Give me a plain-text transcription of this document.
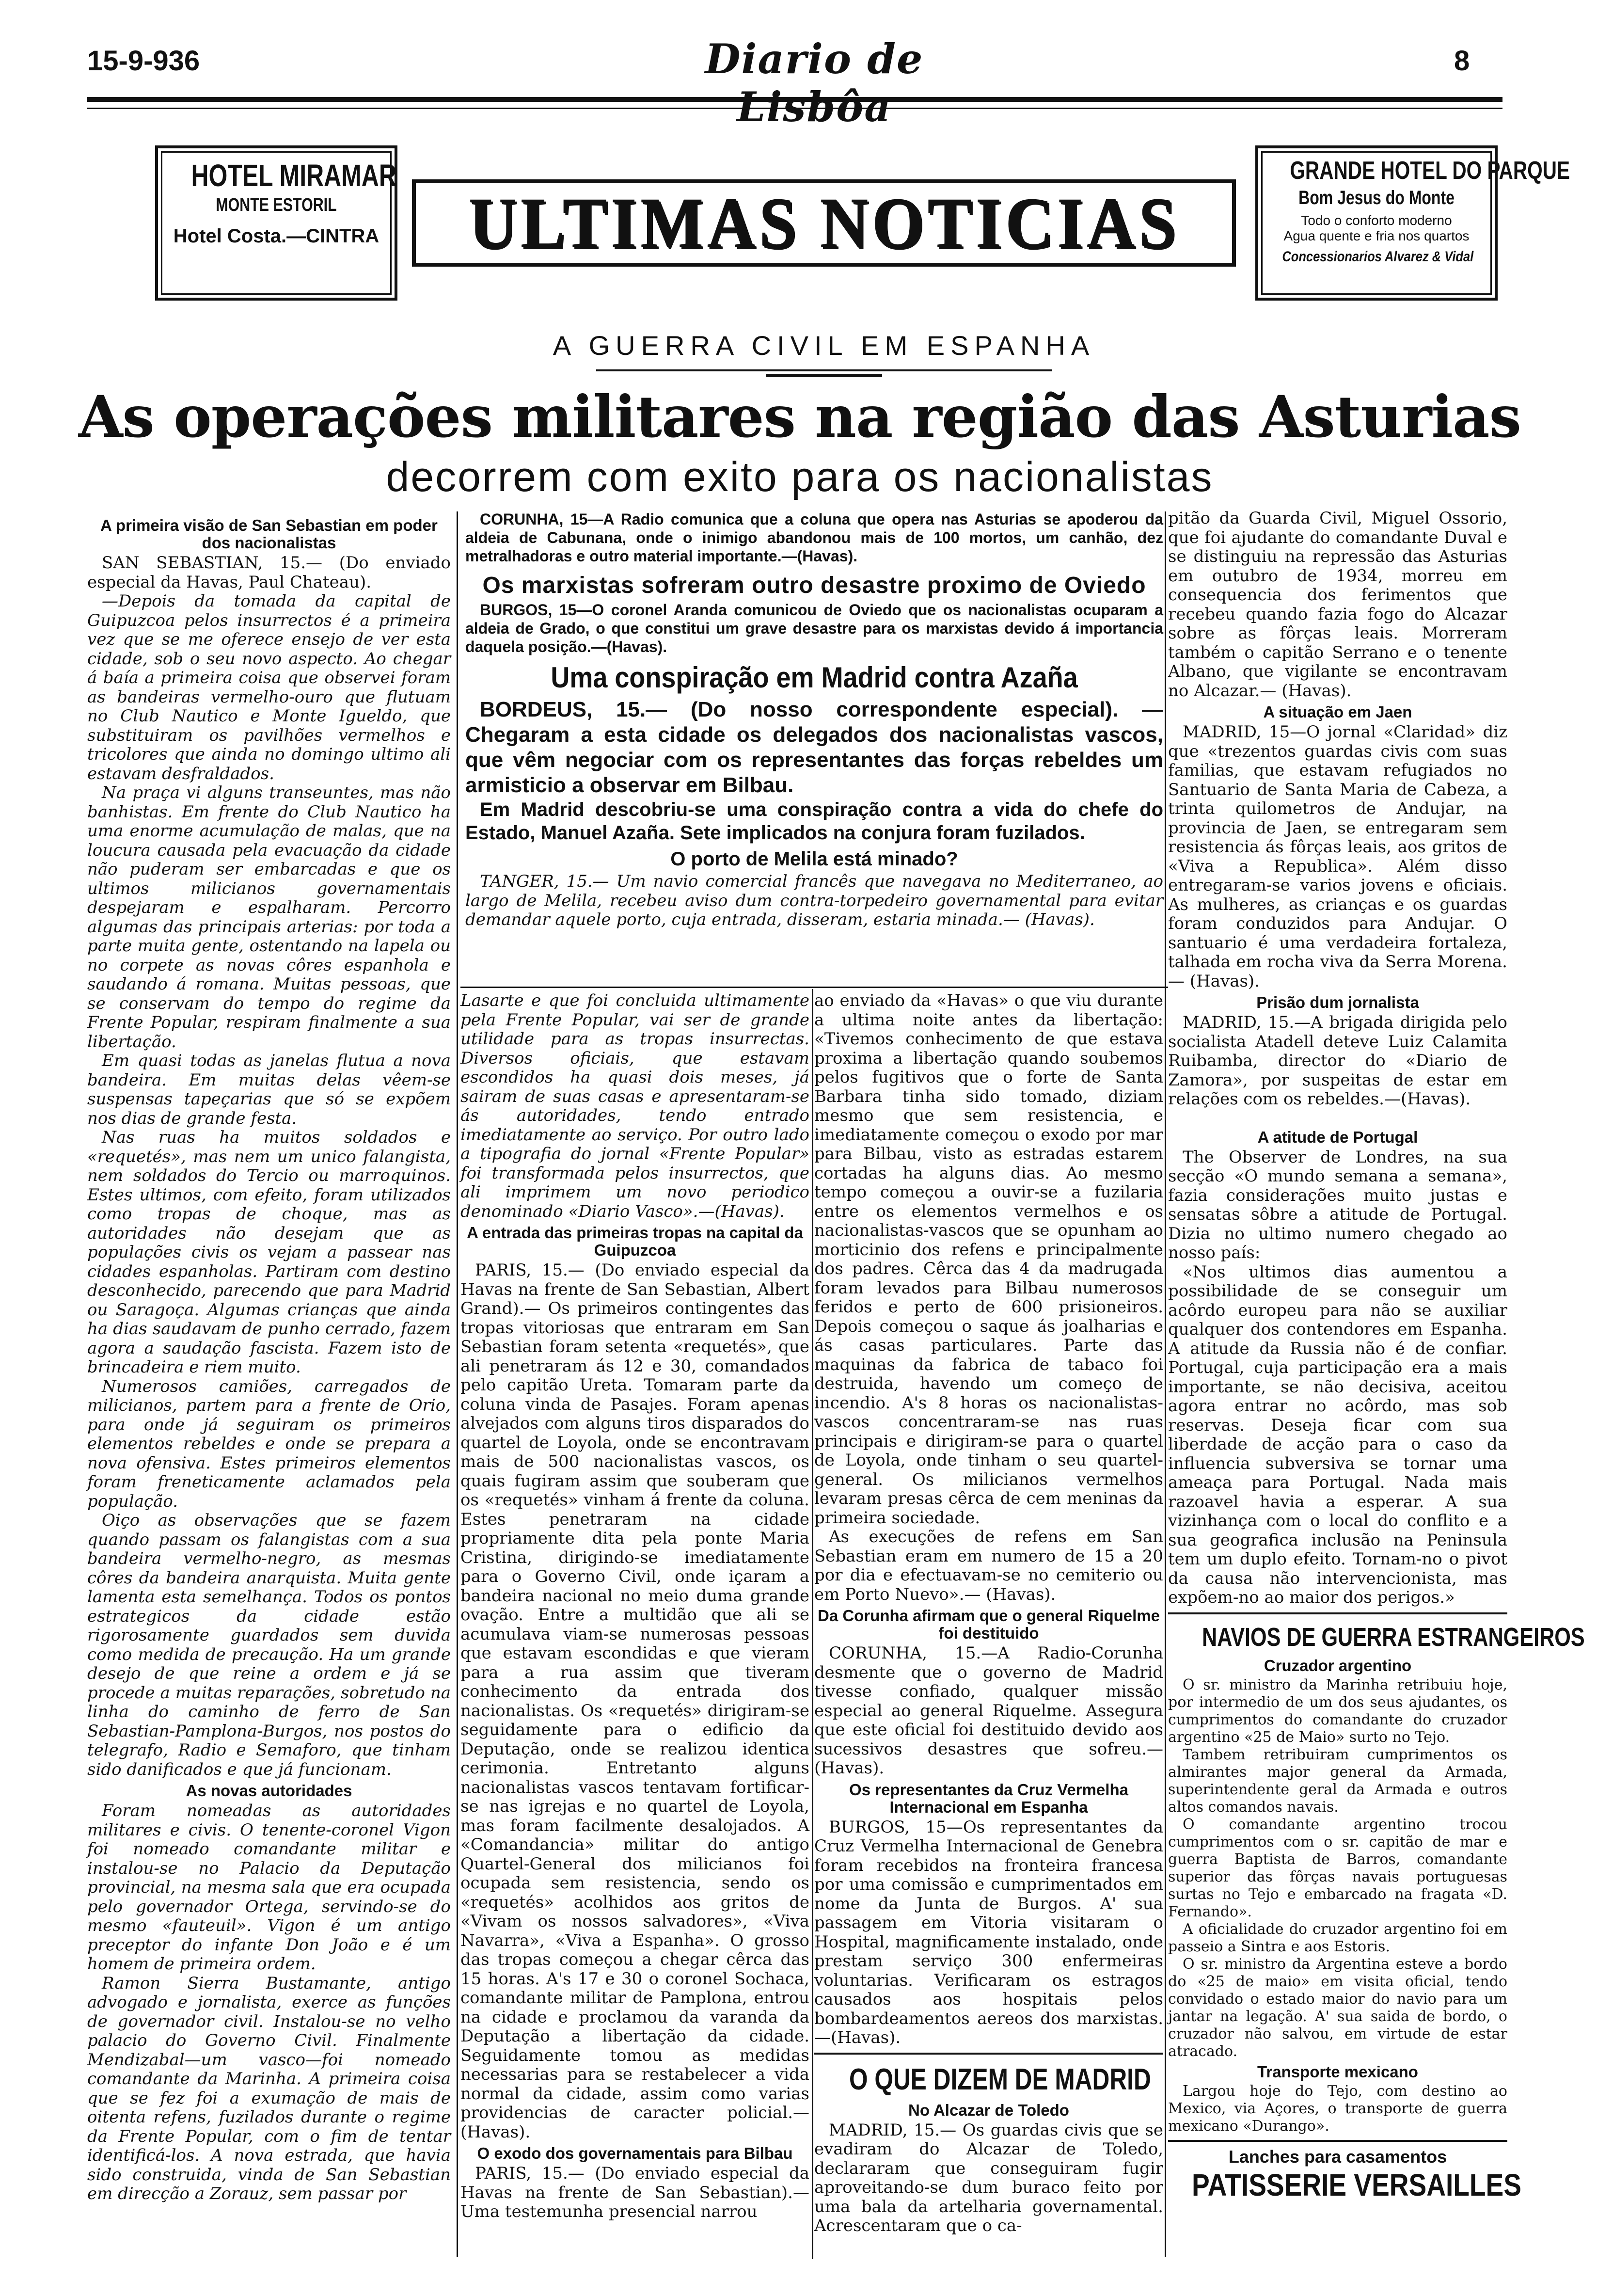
15-9-936	Diario de Lisbôa
8
HOTEL MIRAMAR
MONTE ESTORIL
Hotel Costa.—CINTRA ULTIMAS NOTICIAS
GRANDE HOTEL DO PARQUE
Bom Jesus do Monte
Todo o conforto moderno
Agua quente e fria nos quartos
Concessionarios Alvarez & Vidal
A GUERRA CIVIL EM ESPANHA
As operações militares na região das Asturias
decorrem com exito para os nacionalistas
A primeira visão de San Sebastian em poder dos nacionalistas

SAN SEBASTIAN, 15.— (Do enviado especial da Havas, Paul Chateau).

—Depois da tomada da capital de Guipuzcoa pelos insurrectos é a primeira vez que se me oferece ensejo de ver esta cidade, sob o seu novo aspecto. Ao chegar á baía a primeira coisa que observei foram as bandeiras vermelho-ouro que flutuam no Club Nautico e Monte Igueldo, que substituiram os pavilhões vermelhos e tricolores que ainda no domingo ultimo ali estavam desfraldados.

Na praça vi alguns transeuntes, mas não banhistas. Em frente do Club Nautico ha uma enorme acumulação de malas, que na loucura causada pela evacuação da cidade não puderam ser embarcadas e que os ultimos milicianos governamentais despejaram e espalharam. Percorro algumas das principais arterias: por toda a parte muita gente, ostentando na lapela ou no corpete as novas côres espanhola e saudando á romana. Muitas pessoas, que se conservam do tempo do regime da Frente Popular, respiram finalmente a sua libertação.

Em quasi todas as janelas flutua a nova bandeira. Em muitas delas vêem-se suspensas tapeçarias que só se expõem nos dias de grande festa.

Nas ruas ha muitos soldados e «requetés», mas nem um unico falangista, nem soldados do Tercio ou marroquinos. Estes ultimos, com efeito, foram utilizados como tropas de choque, mas as autoridades não desejam que as populações civis os vejam a passear nas cidades espanholas. Partiram com destino desconhecido, parecendo que para Madrid ou Saragoça. Algumas crianças que ainda ha dias saudavam de punho cerrado, fazem agora a saudação fascista. Fazem isto de brincadeira e riem muito.

Numerosos camiões, carregados de milicianos, partem para a frente de Orio, para onde já seguiram os primeiros elementos rebeldes e onde se prepara a nova ofensiva. Estes primeiros elementos foram freneticamente aclamados pela população.

Oiço as observações que se fazem quando passam os falangistas com a sua bandeira vermelho-negro, as mesmas côres da bandeira anarquista. Muita gente lamenta esta semelhança. Todos os pontos estrategicos da cidade estão rigorosamente guardados sem duvida como medida de precaução. Ha um grande desejo de que reine a ordem e já se procede a muitas reparações, sobretudo na linha do caminho de ferro de San Sebastian-Pamplona-Burgos, nos postos do telegrafo, Radio e Semaforo, que tinham sido danificados e que já funcionam.

As novas autoridades

Foram nomeadas as autoridades militares e civis. O tenente-coronel Vigon foi nomeado comandante militar e instalou-se no Palacio da Deputação provincial, na mesma sala que era ocupada pelo governador Ortega, servindo-se do mesmo «fauteuil». Vigon é um antigo preceptor do infante Don João e é um homem de primeira ordem.

Ramon Sierra Bustamante, antigo advogado e jornalista, exerce as funções de governador civil. Instalou-se no velho palacio do Governo Civil. Finalmente Mendizabal—um vasco—foi nomeado comandante da Marinha. A primeira coisa que se fez foi a exumação de mais de oitenta refens, fuzilados durante o regime da Frente Popular, com o fim de tentar identificá-los. A nova estrada, que havia sido construida, vinda de San Sebastian em direcção a Zorauz, sem passar por

CORUNHA, 15—A Radio comunica que a coluna que opera nas Asturias se apoderou da aldeia de Cabunana, onde o inimigo abandonou mais de 100 mortos, um canhão, dez metralhadoras e outro material importante.—(Havas).

Os marxistas sofreram outro desastre proximo de Oviedo

BURGOS, 15—O coronel Aranda comunicou de Oviedo que os nacionalistas ocuparam a aldeia de Grado, o que constitui um grave desastre para os marxistas devido á importancia daquela posição.—(Havas).

Uma conspiração em Madrid contra Azaña

BORDEUS, 15.— (Do nosso correspondente especial). — Chegaram a esta cidade os delegados dos nacionalistas vascos, que vêm negociar com os representantes das forças rebeldes um armisticio a observar em Bilbau.

Em Madrid descobriu-se uma conspiração contra a vida do chefe do Estado, Manuel Azaña. Sete implicados na conjura foram fuzilados.

O porto de Melila está minado?

TANGER, 15.— Um navio comercial francês que navegava no Mediterraneo, ao largo de Melila, recebeu aviso dum contra-torpedeiro governamental para evitar demandar aquele porto, cuja entrada, disseram, estaria minada.— (Havas).

Lasarte e que foi concluida ultimamente pela Frente Popular, vai ser de grande utilidade para as tropas insurrectas. Diversos oficiais, que estavam escondidos ha quasi dois meses, já sairam de suas casas e apresentaram-se ás autoridades, tendo entrado imediatamente ao serviço. Por outro lado a tipografia do jornal «Frente Popular» foi transformada pelos insurrectos, que ali imprimem um novo periodico denominado «Diario Vasco».—(Havas).

A entrada das primeiras tropas na capital da Guipuzcoa

PARIS, 15.— (Do enviado especial da Havas na frente de San Sebastian, Albert Grand).— Os primeiros contingentes das tropas vitoriosas que entraram em San Sebastian foram setenta «requetés», que ali penetraram ás 12 e 30, comandados pelo capitão Ureta. Tomaram parte da coluna vinda de Pasajes. Foram apenas alvejados com alguns tiros disparados do quartel de Loyola, onde se encontravam mais de 500 nacionalistas vascos, os quais fugiram assim que souberam que os «requetés» vinham á frente da coluna. Estes penetraram na cidade propriamente dita pela ponte Maria Cristina, dirigindo-se imediatamente para o Governo Civil, onde içaram a bandeira nacional no meio duma grande ovação. Entre a multidão que ali se acumulava viam-se numerosas pessoas que estavam escondidas e que vieram para a rua assim que tiveram conhecimento da entrada dos nacionalistas. Os «requetés» dirigiram-se seguidamente para o edificio da Deputação, onde se realizou identica cerimonia. Entretanto alguns nacionalistas vascos tentavam fortificar-se nas igrejas e no quartel de Loyola, mas foram facilmente desalojados. A «Comandancia» militar do antigo Quartel-General dos milicianos foi ocupada sem resistencia, sendo os «requetés» acolhidos aos gritos de «Vivam os nossos salvadores», «Viva Navarra», «Viva a Espanha». O grosso das tropas começou a chegar cêrca das 15 horas. A's 17 e 30 o coronel Sochaca, comandante militar de Pamplona, entrou na cidade e proclamou da varanda da Deputação a libertação da cidade. Seguidamente tomou as medidas necessarias para se restabelecer a vida normal da cidade, assim como varias providencias de caracter policial.— (Havas).

O exodo dos governamentais para Bilbau

PARIS, 15.— (Do enviado especial da Havas na frente de San Sebastian).— Uma testemunha presencial narrou

ao enviado da «Havas» o que viu durante a ultima noite antes da libertação: «Tivemos conhecimento de que estava proxima a libertação quando soubemos pelos fugitivos que o forte de Santa Barbara tinha sido tomado, diziam mesmo que sem resistencia, e imediatamente começou o exodo por mar para Bilbau, visto as estradas estarem cortadas ha alguns dias. Ao mesmo tempo começou a ouvir-se a fuzilaria entre os elementos vermelhos e os nacionalistas-vascos que se opunham ao morticinio dos refens e principalmente dos padres. Cêrca das 4 da madrugada foram levados para Bilbau numerosos feridos e perto de 600 prisioneiros. Depois começou o saque ás joalharias e ás casas particulares. Parte das maquinas da fabrica de tabaco foi destruida, havendo um começo de incendio. A's 8 horas os nacionalistas-vascos concentraram-se nas ruas principais e dirigiram-se para o quartel de Loyola, onde tinham o seu quartel-general. Os milicianos vermelhos levaram presas cêrca de cem meninas da primeira sociedade.

As execuções de refens em San Sebastian eram em numero de 15 a 20 por dia e efectuavam-se no cemiterio ou em Porto Nuevo».— (Havas).

Da Corunha afirmam que o general Riquelme foi destituido

CORUNHA, 15.—A Radio-Corunha desmente que o governo de Madrid tivesse confiado, qualquer missão especial ao general Riquelme. Assegura que este oficial foi destituido devido aos sucessivos desastres que sofreu.—(Havas).

Os representantes da Cruz Vermelha Internacional em Espanha

BURGOS, 15—Os representantes da Cruz Vermelha Internacional de Genebra foram recebidos na fronteira francesa por uma comissão e cumprimentados em nome da Junta de Burgos. A' sua passagem em Vitoria visitaram o Hospital, magnificamente instalado, onde prestam serviço 300 enfermeiras voluntarias. Verificaram os estragos causados aos hospitais pelos bombardeamentos aereos dos marxistas.—(Havas).

O QUE DIZEM DE MADRID
No Alcazar de Toledo

MADRID, 15.— Os guardas civis que se evadiram do Alcazar de Toledo, declararam que conseguiram fugir aproveitando-se dum buraco feito por uma bala da artelharia governamental. Acrescentaram que o ca-

pitão da Guarda Civil, Miguel Ossorio, que foi ajudante do comandante Duval e se distinguiu na repressão das Asturias em outubro de 1934, morreu em consequencia dos ferimentos que recebeu quando fazia fogo do Alcazar sobre as fôrças leais. Morreram também o capitão Serrano e o tenente Albano, que vigilante se encontravam no Alcazar.— (Havas).

A situação em Jaen

MADRID, 15—O jornal «Claridad» diz que «trezentos guardas civis com suas familias, que estavam refugiados no Santuario de Santa Maria de Cabeza, a trinta quilometros de Andujar, na provincia de Jaen, se entregaram sem resistencia ás fôrças leais, aos gritos de «Viva a Republica». Além disso entregaram-se varios jovens e oficiais. As mulheres, as crianças e os guardas foram conduzidos para Andujar. O santuario é uma verdadeira fortaleza, talhada em rocha viva da Serra Morena.— (Havas).

Prisão dum jornalista

MADRID, 15.—A brigada dirigida pelo socialista Atadell deteve Luiz Calamita Ruibamba, director do «Diario de Zamora», por suspeitas de estar em relações com os rebeldes.—(Havas).

A atitude de Portugal

The Observer de Londres, na sua secção «O mundo semana a semana», fazia considerações muito justas e sensatas sôbre a atitude de Portugal. Dizia no ultimo numero chegado ao nosso país:

«Nos ultimos dias aumentou a possibilidade de se conseguir um acôrdo europeu para não se auxiliar qualquer dos contendores em Espanha. A atitude da Russia não é de confiar. Portugal, cuja participação era a mais importante, se não decisiva, aceitou agora entrar no acôrdo, mas sob reservas. Deseja ficar com sua liberdade de acção para o caso da influencia subversiva se tornar uma ameaça para Portugal. Nada mais razoavel havia a esperar. A sua vizinhança com o local do conflito e a sua geografica inclusão na Peninsula tem um duplo efeito. Tornam-no o pivot da causa não intervencionista, mas expõem-no ao maior dos perigos.»

NAVIOS DE GUERRA ESTRANGEIROS
Cruzador argentino

O sr. ministro da Marinha retribuiu hoje, por intermedio de um dos seus ajudantes, os cumprimentos do comandante do cruzador argentino «25 de Maio» surto no Tejo.

Tambem retribuiram cumprimentos os almirantes major general da Armada, superintendente geral da Armada e outros altos comandos navais.

O comandante argentino trocou cumprimentos com o sr. capitão de mar e guerra Baptista de Barros, comandante superior das fôrças navais portuguesas surtas no Tejo e embarcado na fragata «D. Fernando».

A oficialidade do cruzador argentino foi em passeio a Sintra e aos Estoris.

O sr. ministro da Argentina esteve a bordo do «25 de maio» em visita oficial, tendo convidado o estado maior do navio para um jantar na legação. A' sua saida de bordo, o cruzador não salvou, em virtude de estar atracado.

Transporte mexicano

Largou hoje do Tejo, com destino ao Mexico, via Açores, o transporte de guerra mexicano «Durango».

Lanches para casamentos
PATISSERIE VERSAILLES
